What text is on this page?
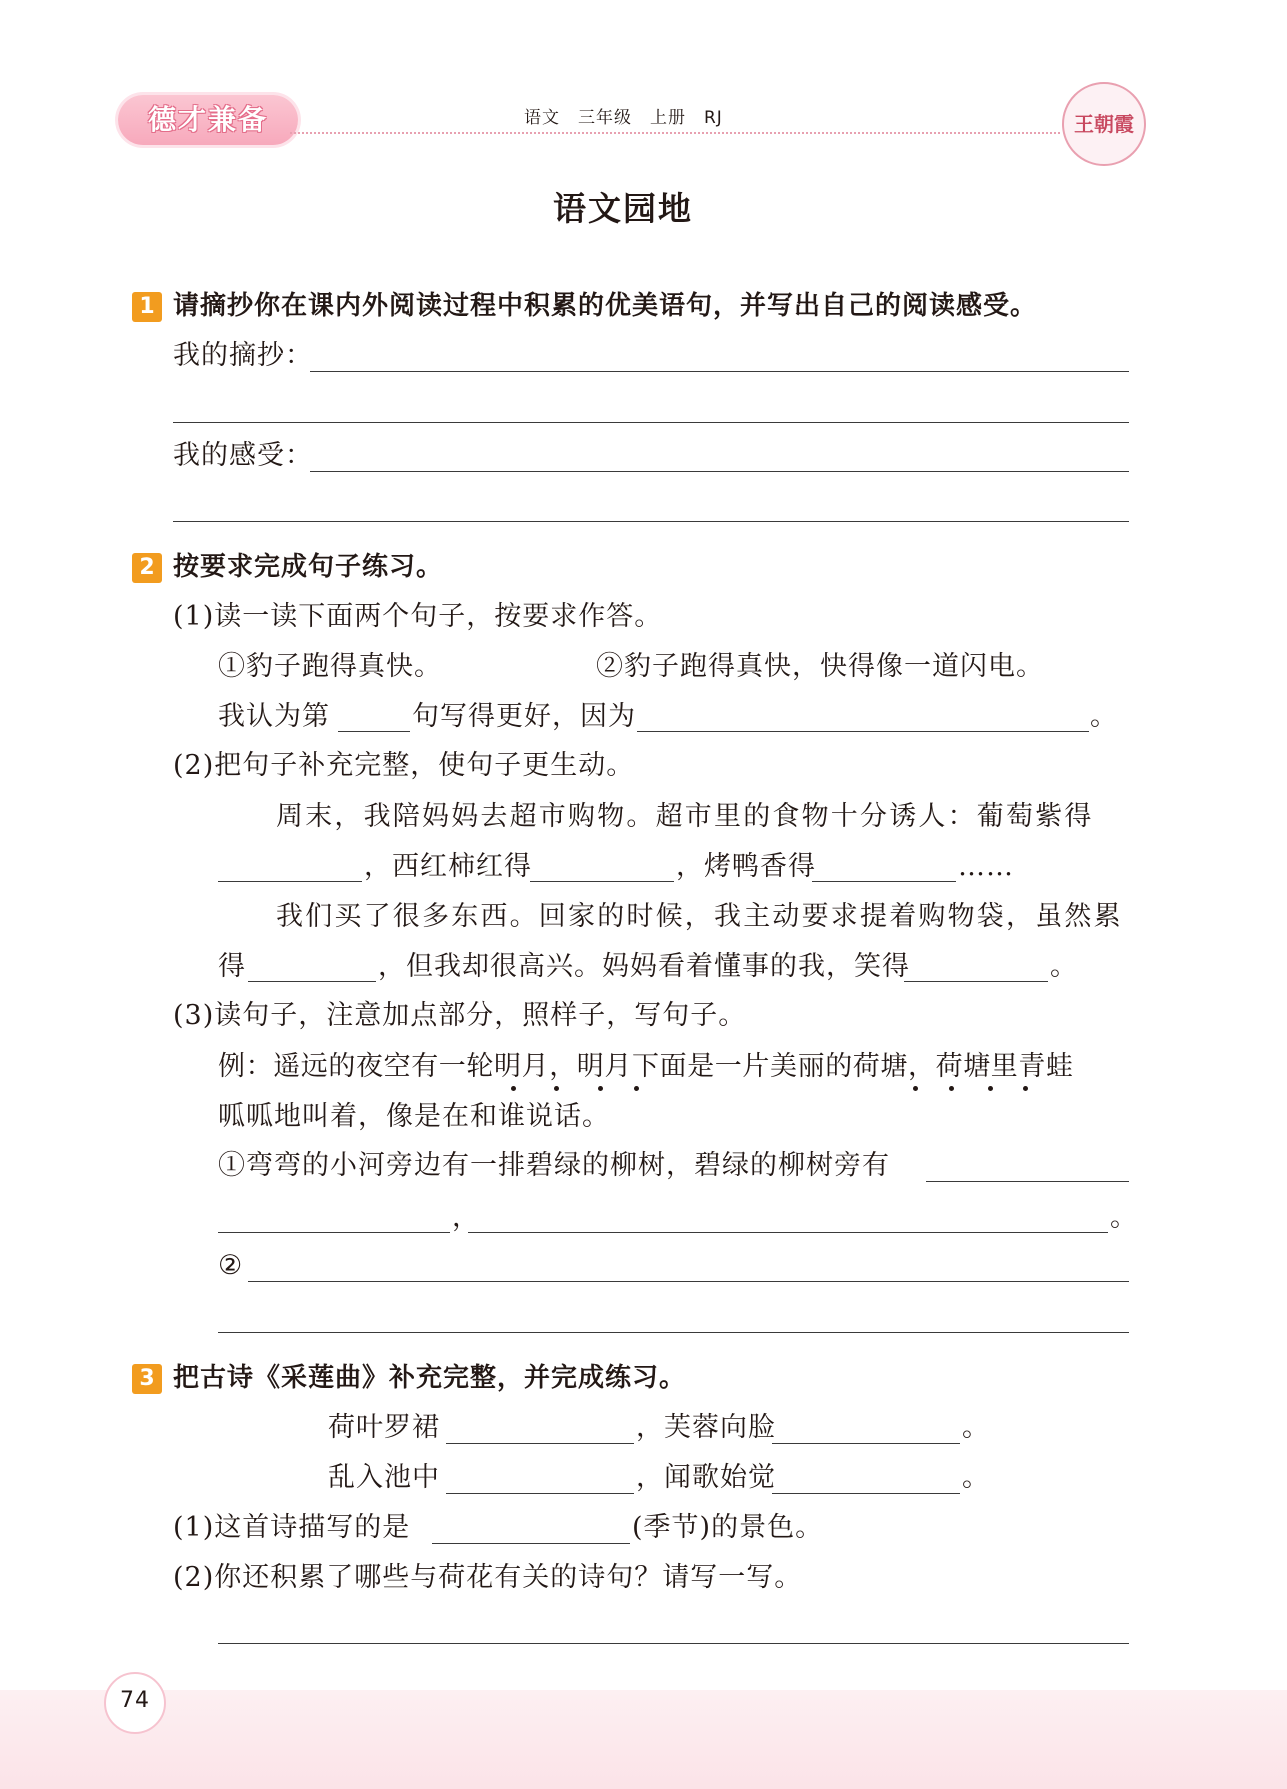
德才兼备	语文　三年级　上册　RJ	王朝霞
语文园地
1 请摘抄你在课内外阅读过程中积累的优美语句，并写出自己的阅读感受。
我的摘抄：
我的感受：
2 按要求完成句子练习。
(1)读一读下面两个句子，按要求作答。
①豹子跑得真快。	②豹子跑得真快，快得像一道闪电。
我认为第	句写得更好，因为	。
(2)把句子补充完整，使句子更生动。
周末，我陪妈妈去超市购物。超市里的食物十分诱人：葡萄紫得
，西红柿红得	，烤鸭香得	……
我们买了很多东西。回家的时候，我主动要求提着购物袋，虽然累
得	，但我却很高兴。妈妈看着懂事的我，笑得	。
(3)读句子，注意加点部分，照样子，写句子。
例：遥远的夜空有一轮明月，明月下面是一片美丽的荷塘，荷塘里青蛙
呱呱地叫着，像是在和谁说话。
①弯弯的小河旁边有一排碧绿的柳树，碧绿的柳树旁有
，	。
②
3 把古诗《采莲曲》补充完整，并完成练习。
荷叶罗裙	，芙蓉向脸	。
乱入池中	，闻歌始觉	。
(1)这首诗描写的是	(季节)的景色。
(2)你还积累了哪些与荷花有关的诗句？请写一写。
74
